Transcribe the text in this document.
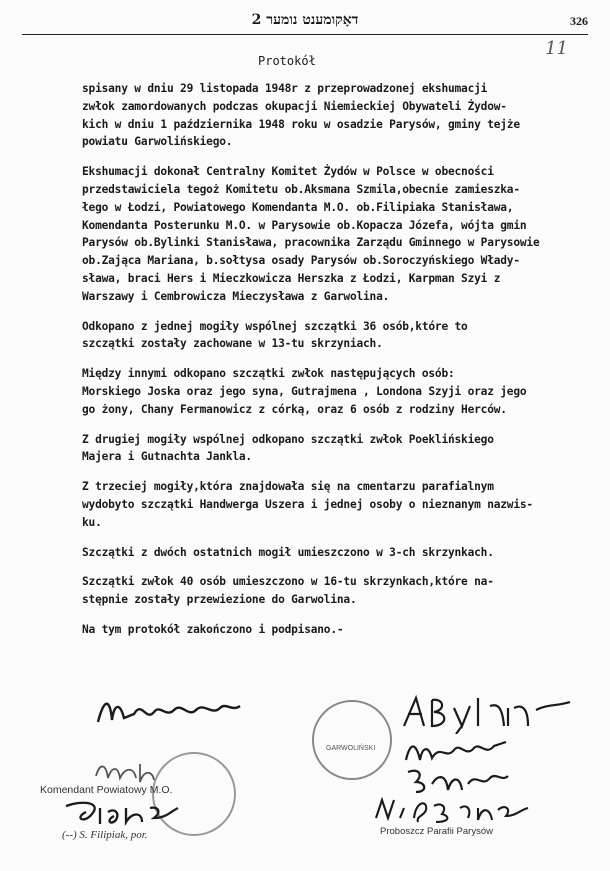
דאָקומענט נומער 2	326
11
Protokół

spisany w dniu 29 listopada 1948r z przeprowadzonej ekshumacji
zwłok zamordowanych podczas okupacji Niemieckiej Obywateli Żydow-
kich w dniu 1 października 1948 roku w osadzie Parysów, gminy tejże
powiatu Garwolińskiego.

Ekshumacji dokonał Centralny Komitet Żydów w Polsce w obecności
przedstawiciela tegoż Komitetu ob.Aksmana Szmila,obecnie zamieszka-
łego w Łodzi, Powiatowego Komendanta M.O. ob.Filipiaka Stanisława,
Komendanta Posterunku M.O. w Parysowie ob.Kopacza Józefa, wójta gmin
Parysów ob.Bylinki Stanisława, pracownika Zarządu Gminnego w Parysowie
ob.Zająca Mariana, b.sołtysa osady Parysów ob.Soroczyńskiego Włady-
sława, braci Hers i Mieczkowicza Herszka z Łodzi, Karpman Szyi z
Warszawy i Cembrowicza Mieczysława z Garwolina.

Odkopano z jednej mogiły wspólnej szczątki 36 osób,które to
szczątki zostały zachowane w 13-tu skrzyniach.

Między innymi odkopano szczątki zwłok następujących osób:
Morskiego Joska oraz jego syna, Gutrajmena , Londona Szyji oraz jego
go żony, Chany Fermanowicz z córką, oraz 6 osób z rodziny Herców.

Z drugiej mogiły wspólnej odkopano szczątki zwłok Poeklińskiego
Majera i Gutnachta Jankla.

Z trzeciej mogiły,która znajdowała się na cmentarzu parafialnym
wydobyto szczątki Handwerga Uszera i jednej osoby o nieznanym nazwis-
ku.

Szczątki z dwóch ostatnich mogił umieszczono w 3-ch skrzynkach.

Szczątki zwłok 40 osób umieszczono w 16-tu skrzynkach,które na-
stępnie zostały przewiezione do Garwolina.

Na tym protokół zakończono i podpisano.-

GARWOLIŃSKI
Proboszcz Parafii Parysów
Komendant Powiatowy M.O.
(--) S. Filipiak, por.
